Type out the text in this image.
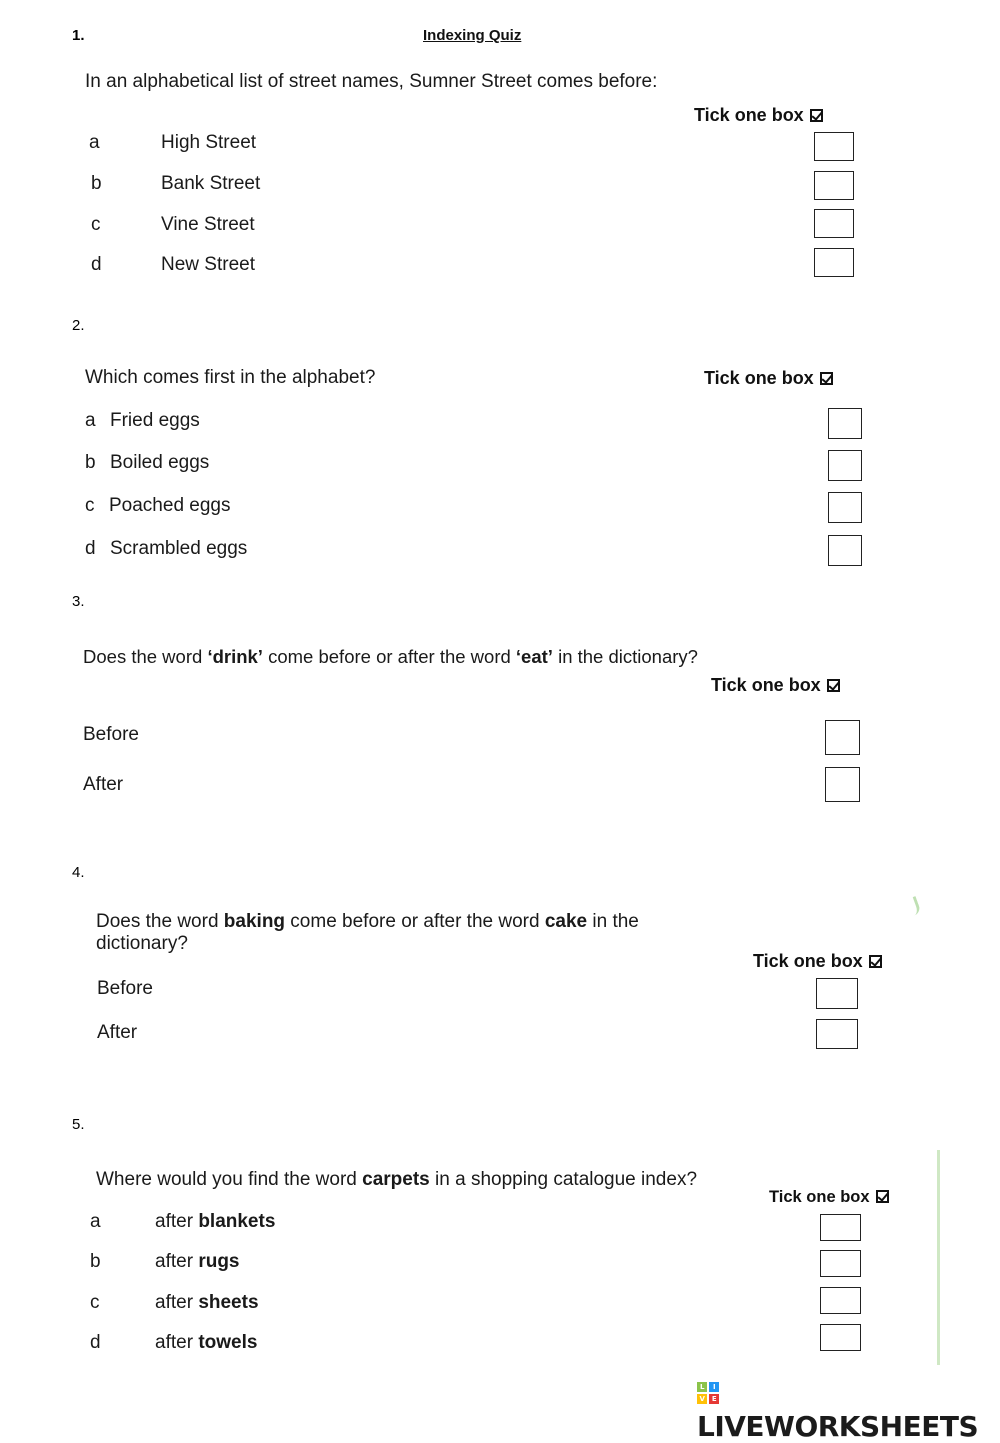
1.	Indexing Quiz
In an alphabetical list of street names, Sumner Street comes before:
Tick one box
a	High Street
b	Bank Street
c	Vine Street
d	New Street
2.
Which comes first in the alphabet?	Tick one box
a Fried eggs
b Boiled eggs
c Poached eggs
d Scrambled eggs
3.
Does the word ‘drink’ come before or after the word ‘eat’ in the dictionary?
Tick one box
Before
After
4.
Does the word baking come before or after the word cake in the
dictionary?
Tick one box
Before
After
5.
Where would you find the word carpets in a shopping catalogue index?
Tick one box
a	after blankets
b	after rugs
c	after sheets
d	after towels
L	I
V	E
LIVEWORKSHEETS
